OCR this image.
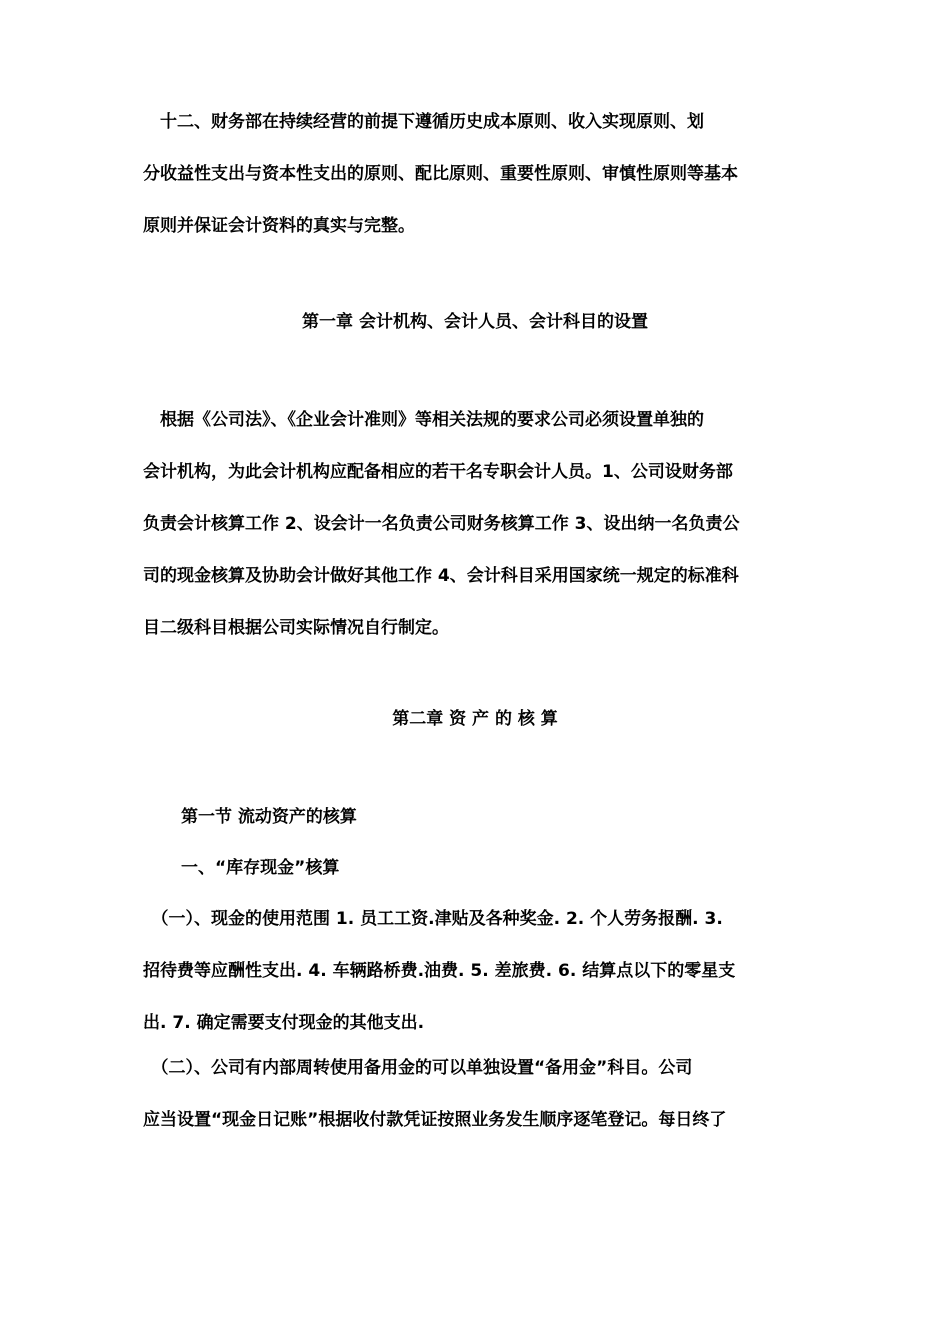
　十二、财务部在持续经营的前提下遵循历史成本原则、收入实现原则、划
分收益性支出与资本性支出的原则、配比原则、重要性原则、审慎性原则等基本
原则并保证会计资料的真实与完整。
第一章 会计机构、会计人员、会计科目的设置
　根据《公司法》、《企业会计准则》等相关法规的要求公司必须设置单独的
会计机构，为此会计机构应配备相应的若干名专职会计人员。1、公司设财务部
负责会计核算工作 2、设会计一名负责公司财务核算工作 3、设出纳一名负责公
司的现金核算及协助会计做好其他工作 4、会计科目采用国家统一规定的标准科
目二级科目根据公司实际情况自行制定。
第二章 资 产 的 核 算
第一节 流动资产的核算
一、“库存现金”核算
　（一）、现金的使用范围 1. 员工工资.津贴及各种奖金. 2. 个人劳务报酬. 3.
招待费等应酬性支出. 4. 车辆路桥费.油费. 5. 差旅费. 6. 结算点以下的零星支
出. 7. 确定需要支付现金的其他支出.
　（二）、公司有内部周转使用备用金的可以单独设置“备用金”科目。公司
应当设置“现金日记账”根据收付款凭证按照业务发生顺序逐笔登记。每日终了
